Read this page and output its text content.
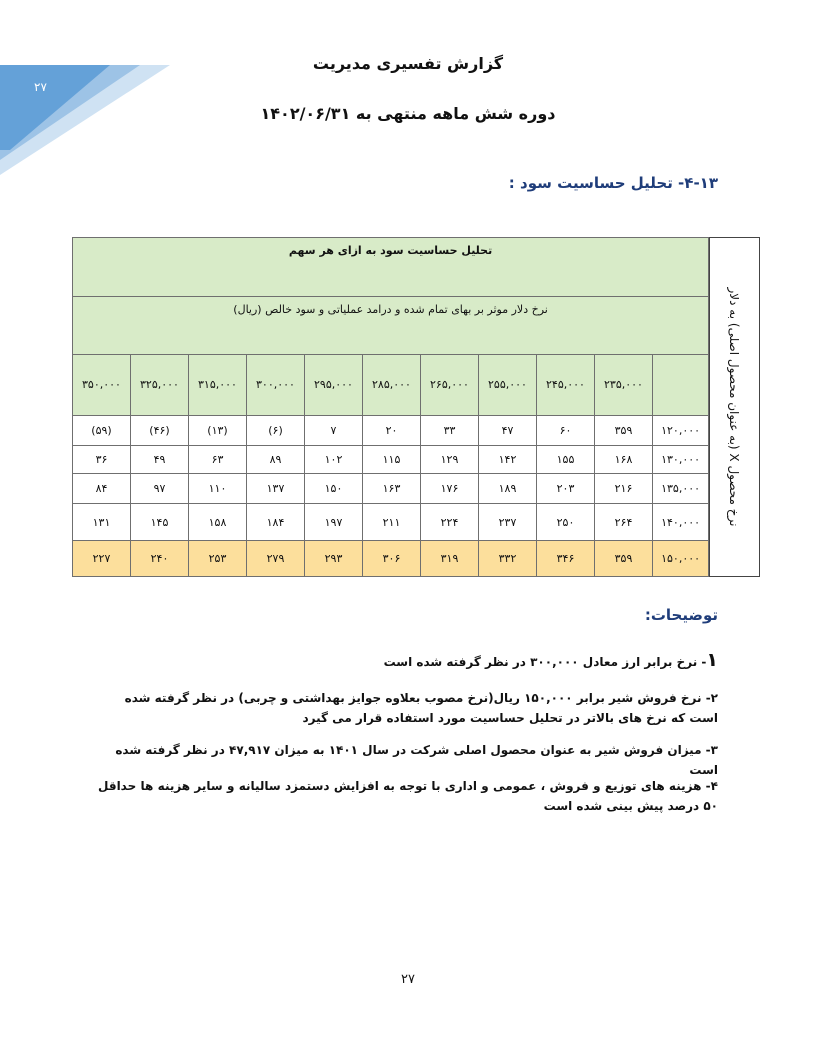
۲۷
گزارش تفسیری مدیریت
دوره شش ماهه منتهی به ۱۴۰۲/۰۶/۳۱
۴-۱۳- تحلیل حساسیت سود :
تحلیل حساسیت سود به ازای هر سهم										
نرخ دلار موثر بر بهای تمام شده و درامد عملیاتی و سود خالص (ریال)										
۳۵۰,۰۰۰	۳۲۵,۰۰۰	۳۱۵,۰۰۰	۳۰۰,۰۰۰	۲۹۵,۰۰۰	۲۸۵,۰۰۰	۲۶۵,۰۰۰	۲۵۵,۰۰۰	۲۴۵,۰۰۰	۲۳۵,۰۰۰	
(۵۹)	(۴۶)	(۱۳)	(۶)	۷	۲۰	۳۳	۴۷	۶۰	۳۵۹	۱۲۰,۰۰۰
۳۶	۴۹	۶۳	۸۹	۱۰۲	۱۱۵	۱۲۹	۱۴۲	۱۵۵	۱۶۸	۱۳۰,۰۰۰
۸۴	۹۷	۱۱۰	۱۳۷	۱۵۰	۱۶۳	۱۷۶	۱۸۹	۲۰۳	۲۱۶	۱۳۵,۰۰۰
۱۳۱	۱۴۵	۱۵۸	۱۸۴	۱۹۷	۲۱۱	۲۲۴	۲۳۷	۲۵۰	۲۶۴	۱۴۰,۰۰۰
۲۲۷	۲۴۰	۲۵۳	۲۷۹	۲۹۳	۳۰۶	۳۱۹	۳۳۲	۳۴۶	۳۵۹	۱۵۰,۰۰۰
نرخ محصول X (به عنوان محصول اصلی) به دلار
توضیحات:
۱- نرخ برابر ارز معادل ۳۰۰,۰۰۰ در نظر گرفته شده است
۲- نرخ فروش شیر برابر ۱۵۰,۰۰۰ ریال(نرخ مصوب بعلاوه جوایز بهداشتی و چربی) در نظر گرفته شده است که نرخ های بالاتر در تحلیل حساسیت مورد استفاده قرار می گیرد
۳- میزان فروش شیر به عنوان محصول اصلی شرکت در سال ۱۴۰۱ به میزان ۴۷,۹۱۷ در نظر گرفته شده است
۴- هزینه های توزیع و فروش ، عمومی و اداری با توجه به افزایش دستمزد سالیانه و سایر هزینه ها حداقل ۵۰ درصد پیش بینی شده است
۲۷
